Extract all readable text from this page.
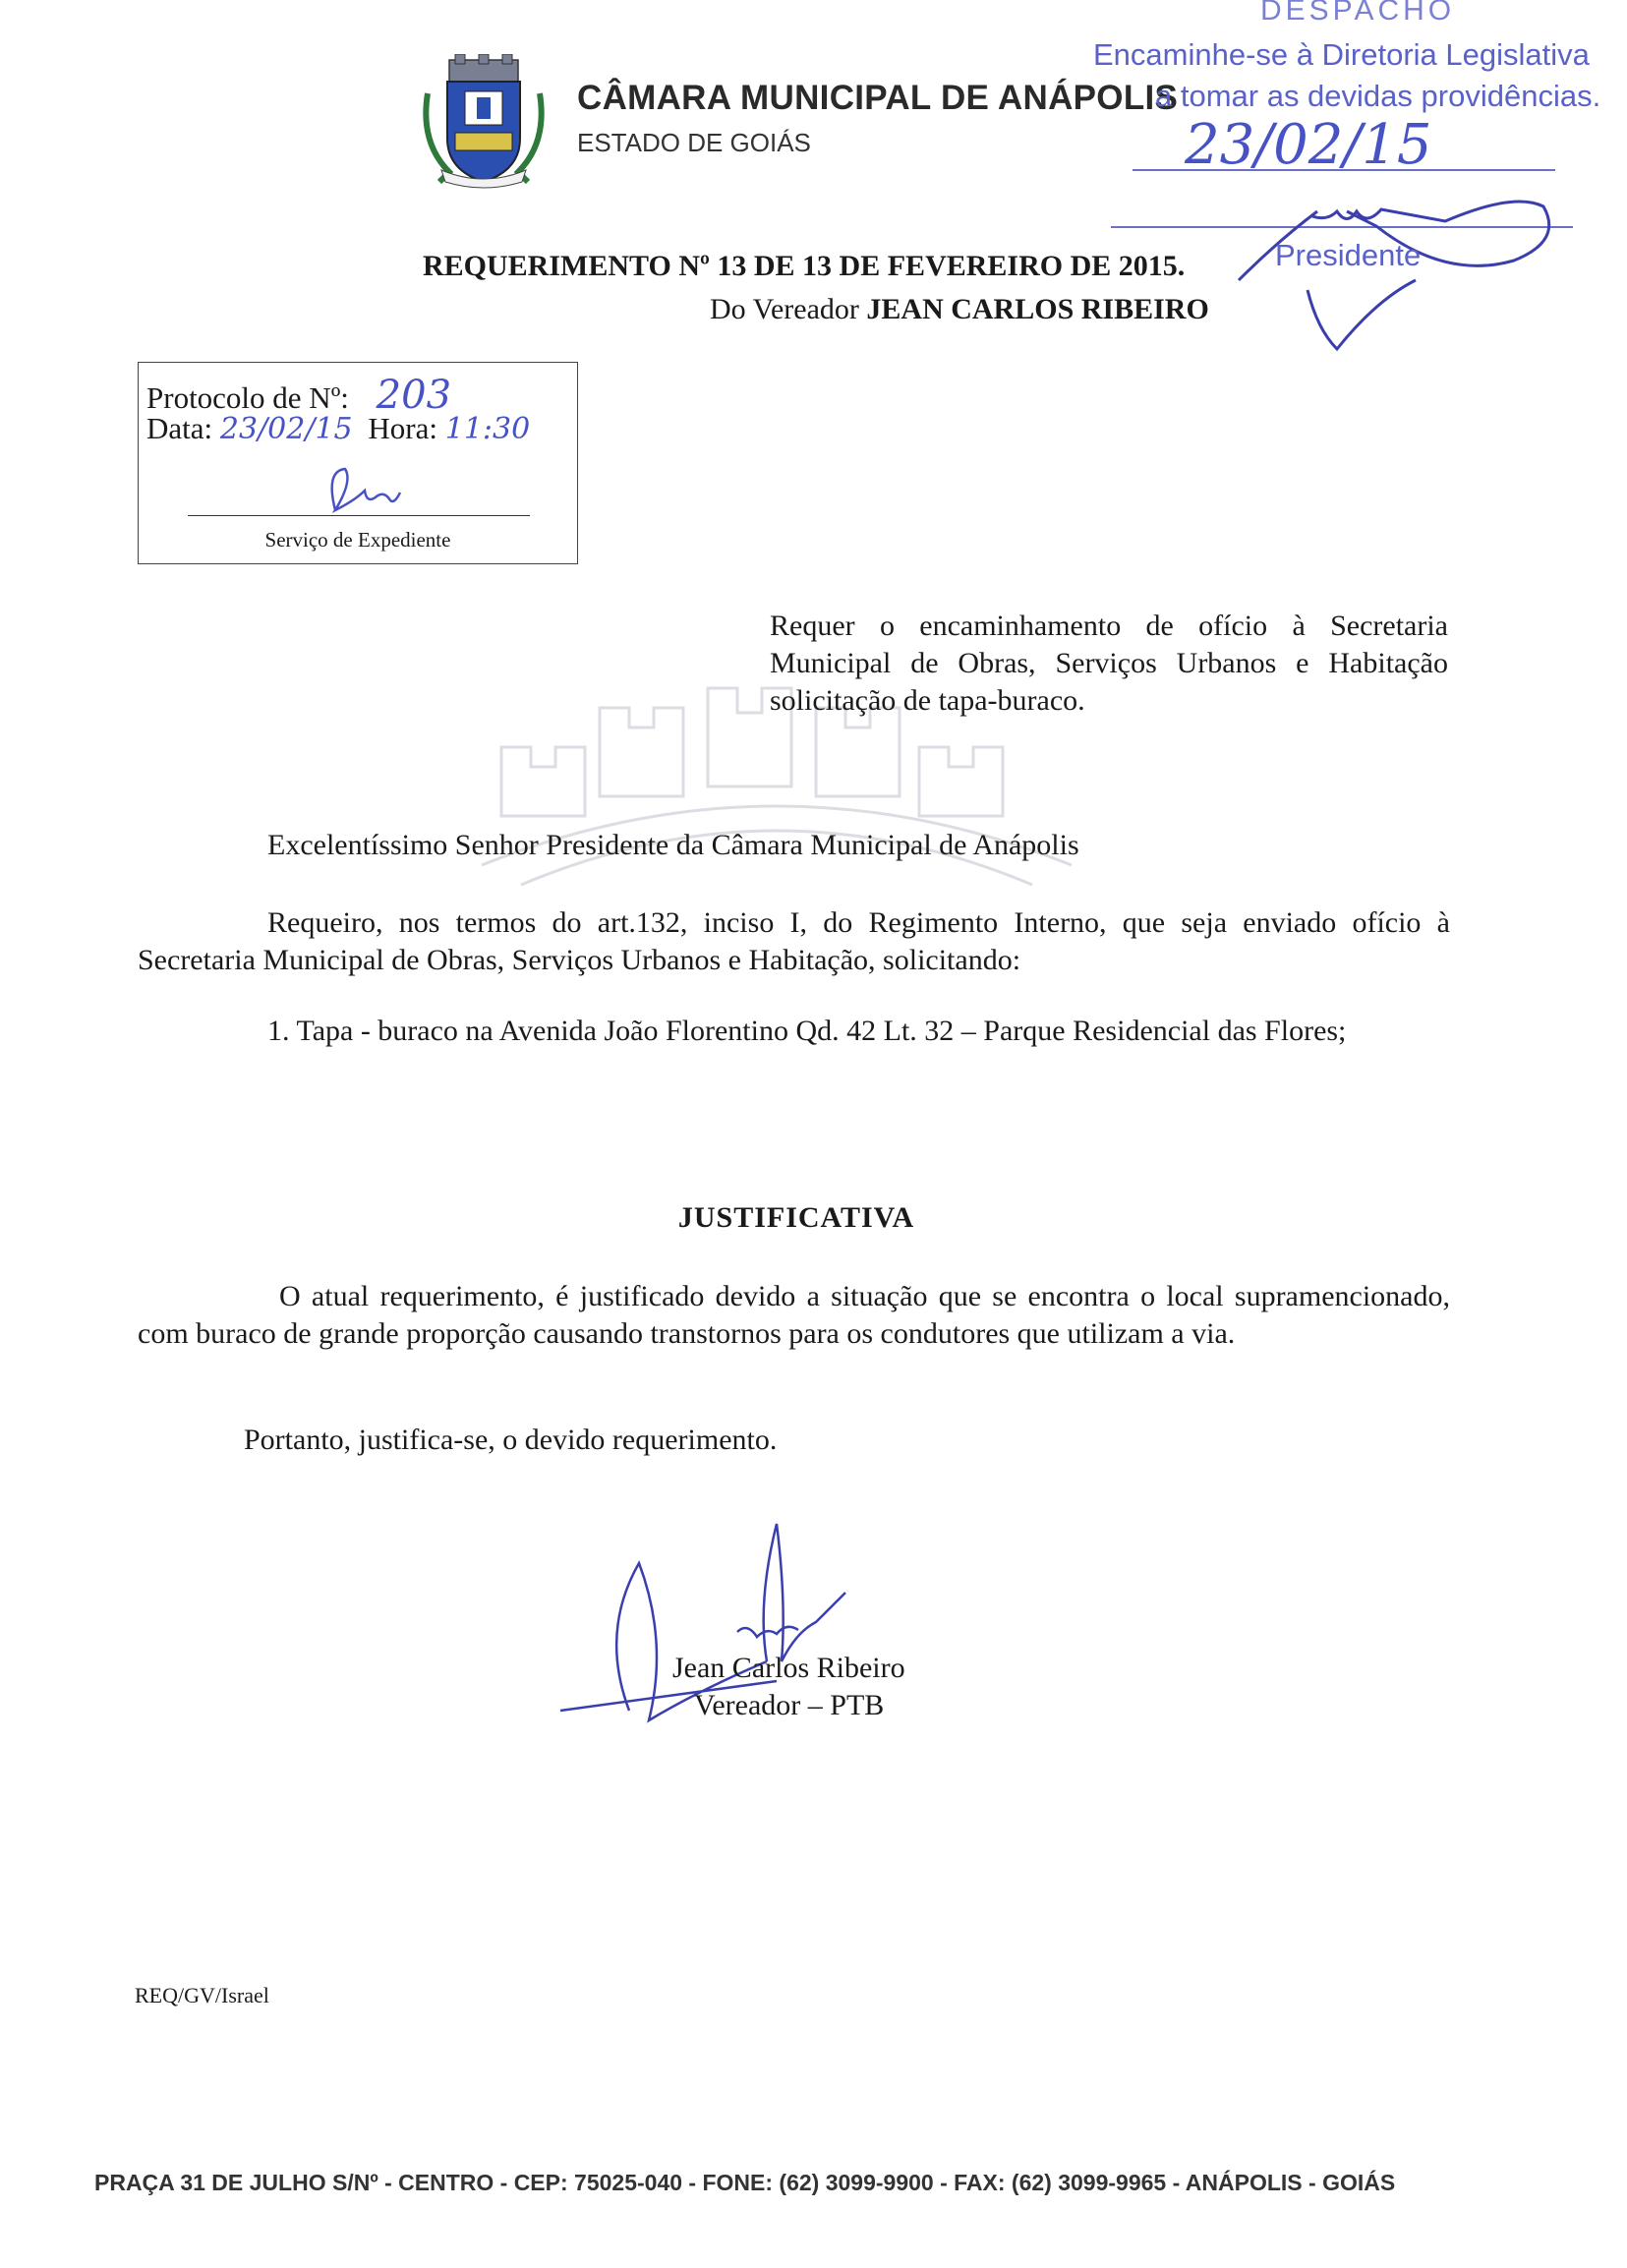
CÂMARA MUNICIPAL DE ANÁPOLIS
ESTADO DE GOIÁS
DESPACHO
Encaminhe-se à Diretoria Legislativa
a tomar as devidas providências.
23/02/15
Presidente
REQUERIMENTO Nº 13 DE 13 DE FEVEREIRO DE 2015.
Do Vereador JEAN CARLOS RIBEIRO
Protocolo de Nº: 203
Data: 23/02/15 Hora: 11:30
Serviço de Expediente
Requer o encaminhamento de ofício à Secretaria Municipal de Obras, Serviços Urbanos e Habitação solicitação de tapa-buraco.
Excelentíssimo Senhor Presidente da Câmara Municipal de Anápolis
Requeiro, nos termos do art.132, inciso I, do Regimento Interno, que seja enviado ofício à Secretaria Municipal de Obras, Serviços Urbanos e Habitação, solicitando:
1. Tapa - buraco na Avenida João Florentino Qd. 42 Lt. 32 – Parque Residencial das Flores;
JUSTIFICATIVA
O atual requerimento, é justificado devido a situação que se encontra o local supramencionado, com buraco de grande proporção causando transtornos para os condutores que utilizam a via.
Portanto, justifica-se, o devido requerimento.
Jean Carlos Ribeiro
Vereador – PTB
REQ/GV/Israel
PRAÇA 31 DE JULHO S/Nº - CENTRO - CEP: 75025-040 - FONE: (62) 3099-9900 - FAX: (62) 3099-9965 - ANÁPOLIS - GOIÁS
